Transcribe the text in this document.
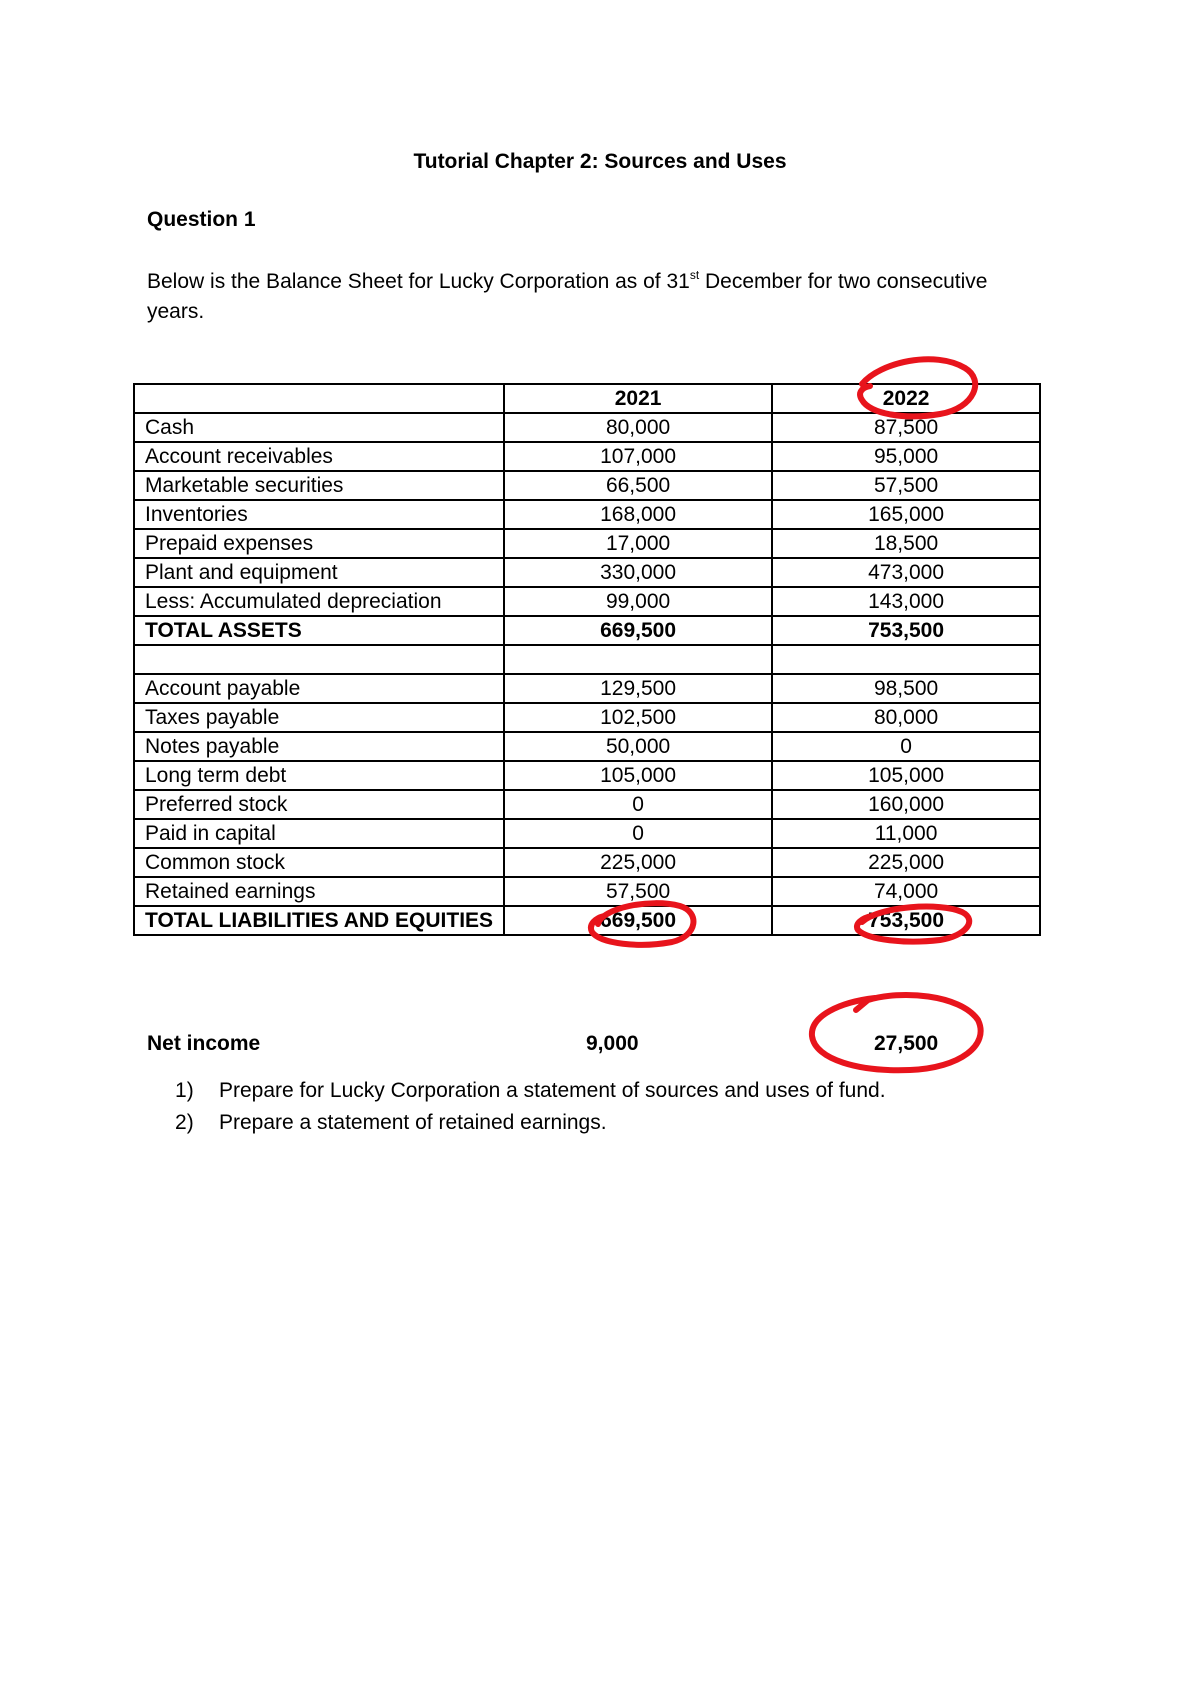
Tutorial Chapter 2: Sources and Uses
Question 1
Below is the Balance Sheet for Lucky Corporation as of 31st December for two consecutive years.
	2021	2022
Cash	80,000	87,500
Account receivables	107,000	95,000
Marketable securities	66,500	57,500
Inventories	168,000	165,000
Prepaid expenses	17,000	18,500
Plant and equipment	330,000	473,000
Less: Accumulated depreciation	99,000	143,000
TOTAL ASSETS	669,500	753,500

Account payable	129,500	98,500
Taxes payable	102,500	80,000
Notes payable	50,000	0
Long term debt	105,000	105,000
Preferred stock	0	160,000
Paid in capital	0	11,000
Common stock	225,000	225,000
Retained earnings	57,500	74,000
TOTAL LIABILITIES AND EQUITIES	669,500	753,500
Net income	9,000	27,500
Prepare for Lucky Corporation a statement of sources and uses of fund.
Prepare a statement of retained earnings.
